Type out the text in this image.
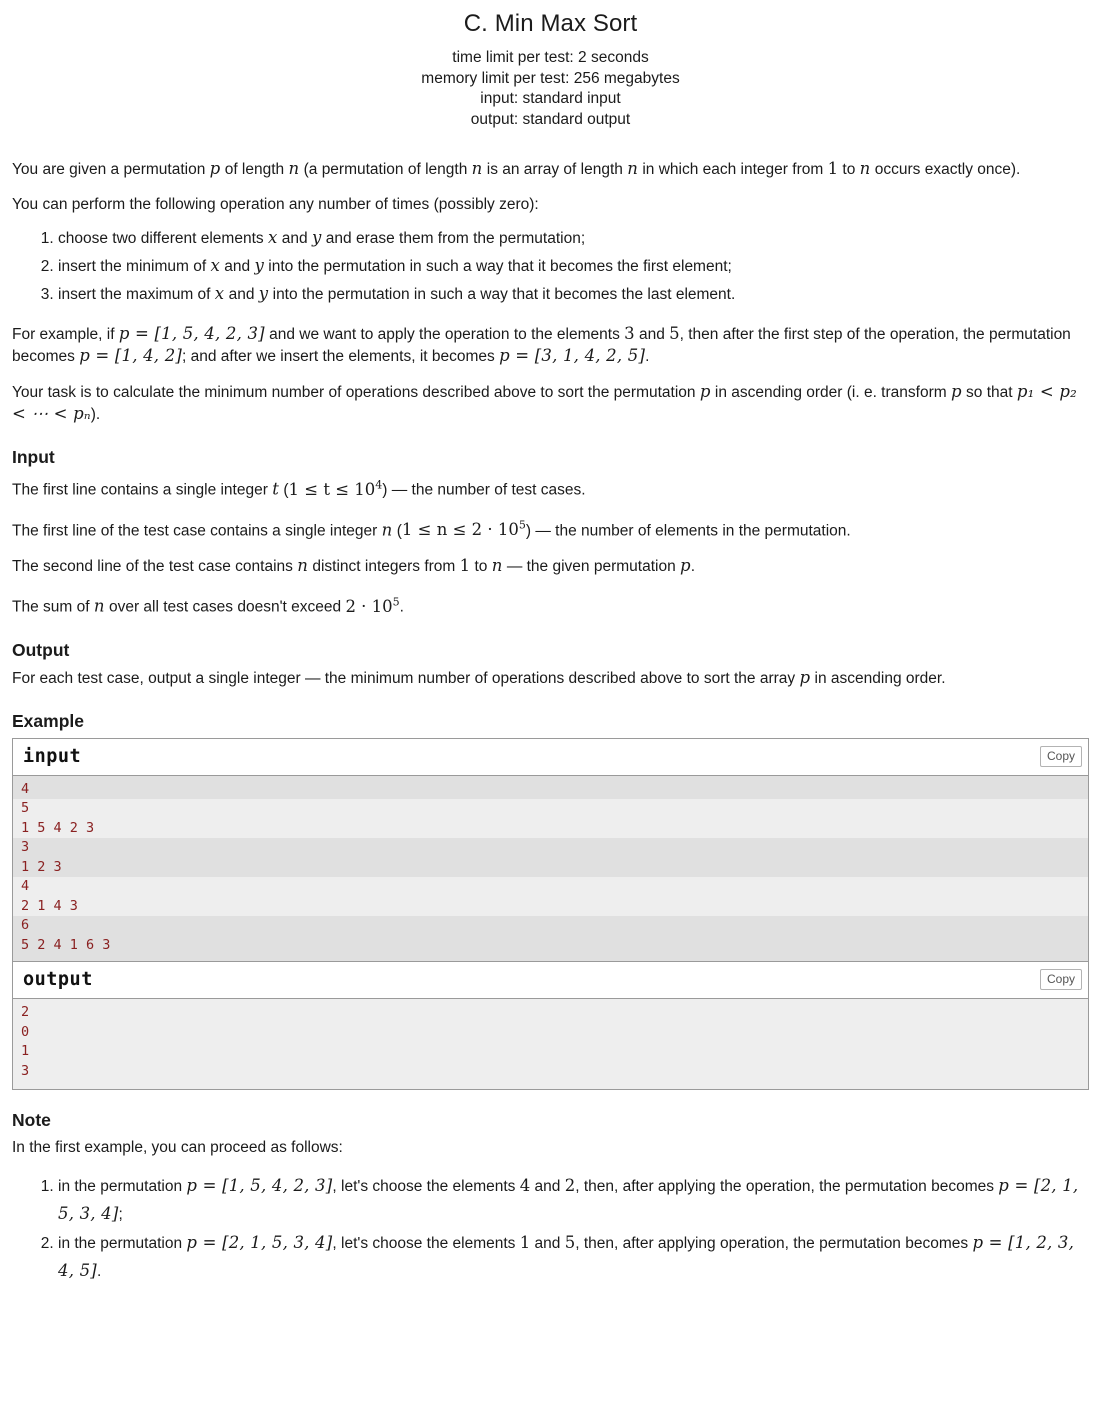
C. Min Max Sort
time limit per test: 2 seconds
memory limit per test: 256 megabytes
input: standard input
output: standard output

You are given a permutation p of length n (a permutation of length n is an array of length n in which each integer from 1 to n occurs exactly once).

You can perform the following operation any number of times (possibly zero):

1. choose two different elements x and y and erase them from the permutation;
2. insert the minimum of x and y into the permutation in such a way that it becomes the first element;
3. insert the maximum of x and y into the permutation in such a way that it becomes the last element.

For example, if p = [1, 5, 4, 2, 3] and we want to apply the operation to the elements 3 and 5, then after the first step of the operation, the permutation becomes p = [1, 4, 2]; and after we insert the elements, it becomes p = [3, 1, 4, 2, 5].

Your task is to calculate the minimum number of operations described above to sort the permutation p in ascending order (i. e. transform p so that p₁ < p₂ < ⋯ < pₙ).

Input

The first line contains a single integer t $(1 \le t \le 10^4)$ — the number of test cases.

The first line of the test case contains a single integer n $(1 \le n \le 2 \cdot 10^5)$ — the number of elements in the permutation.

The second line of the test case contains n distinct integers from 1 to n — the given permutation p.

The sum of n over all test cases doesn't exceed $2 \cdot 10^5$.

Output

For each test case, output a single integer — the minimum number of operations described above to sort the array p in ascending order.

Example
input	Copy
4
5
1 5 4 2 3
3
1 2 3
4
2 1 4 3
6
5 2 4 1 6 3
output	Copy
2
0
1
3
Note

In the first example, you can proceed as follows:

1. in the permutation p = [1, 5, 4, 2, 3], let's choose the elements 4 and 2, then, after applying the operation, the permutation becomes p = [2, 1, 5, 3, 4];
2. in the permutation p = [2, 1, 5, 3, 4], let's choose the elements 1 and 5, then, after applying operation, the permutation becomes p = [1, 2, 3, 4, 5].
